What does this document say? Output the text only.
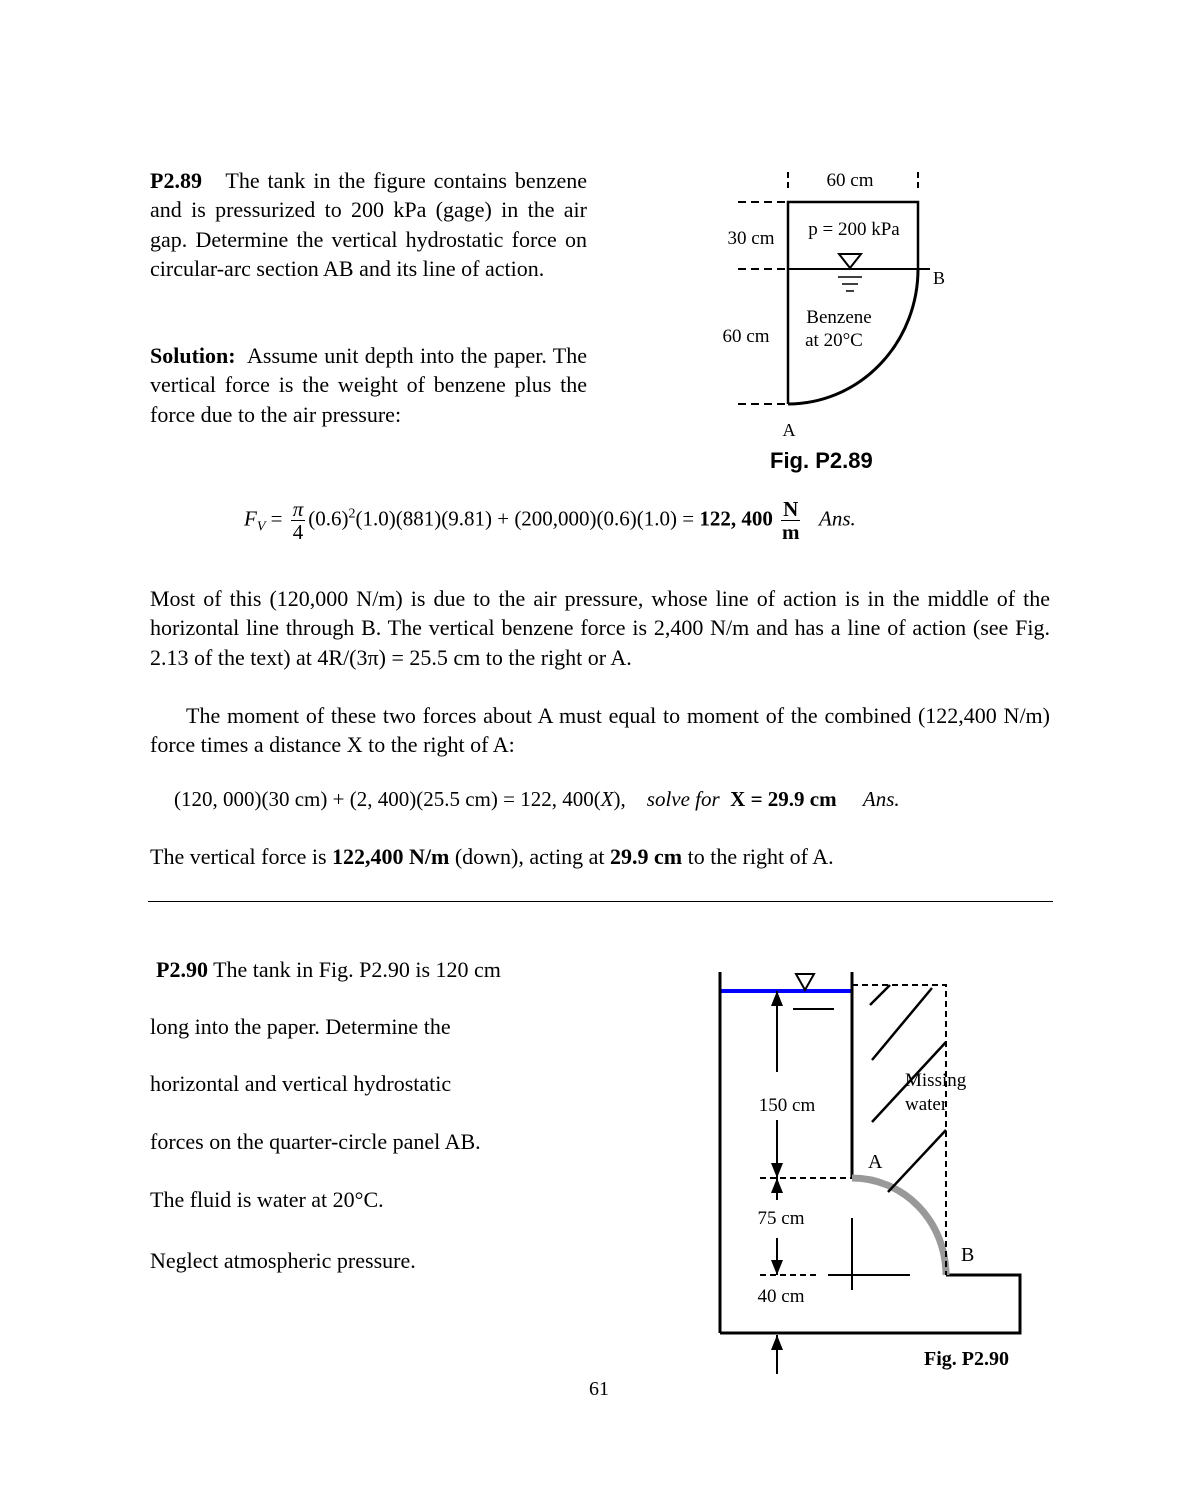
P2.89 The tank in the figure contains benzene and is pressurized to 200 kPa (gage) in the air gap. Determine the vertical hydrostatic force on circular-arc section AB and its line of action.
Solution: Assume unit depth into the paper. The vertical force is the weight of benzene plus the force due to the air pressure:
60 cm
30 cm p = 200 kPa
60 cm
Benzene
at 20°C
B
A
Fig. P2.89
$F_V = \frac{\pi}{4} (0.6)^2(1.0)(881)(9.81) + (200,000)(0.6)(1.0) = 122$, $400 \frac{N}{m}$ Ans.
Most of this (120,000 N/m) is due to the air pressure, whose line of action is in the middle of the horizontal line through B. The vertical benzene force is 2,400 N/m and has a line of action (see Fig. 2.13 of the text) at 4R/(3π) = 25.5 cm to the right or A.
The moment of these two forces about A must equal to moment of the combined (122,400 N/m) force times a distance X to the right of A:
(120, 000)(30 cm) + (2, 400)(25.5 cm) = 122, 400(X), solve for X = 29.9 cm Ans.
The vertical force is 122,400 N/m (down), acting at 29.9 cm to the right of A.
P2.90 The tank in Fig. P2.90 is 120 cm
long into the paper. Determine the
horizontal and vertical hydrostatic
forces on the quarter-circle panel AB.
The fluid is water at 20°C.
Neglect atmospheric pressure.
150 cm
75 cm
40 cm
Missing
water
A
B
Fig. P2.90
61
